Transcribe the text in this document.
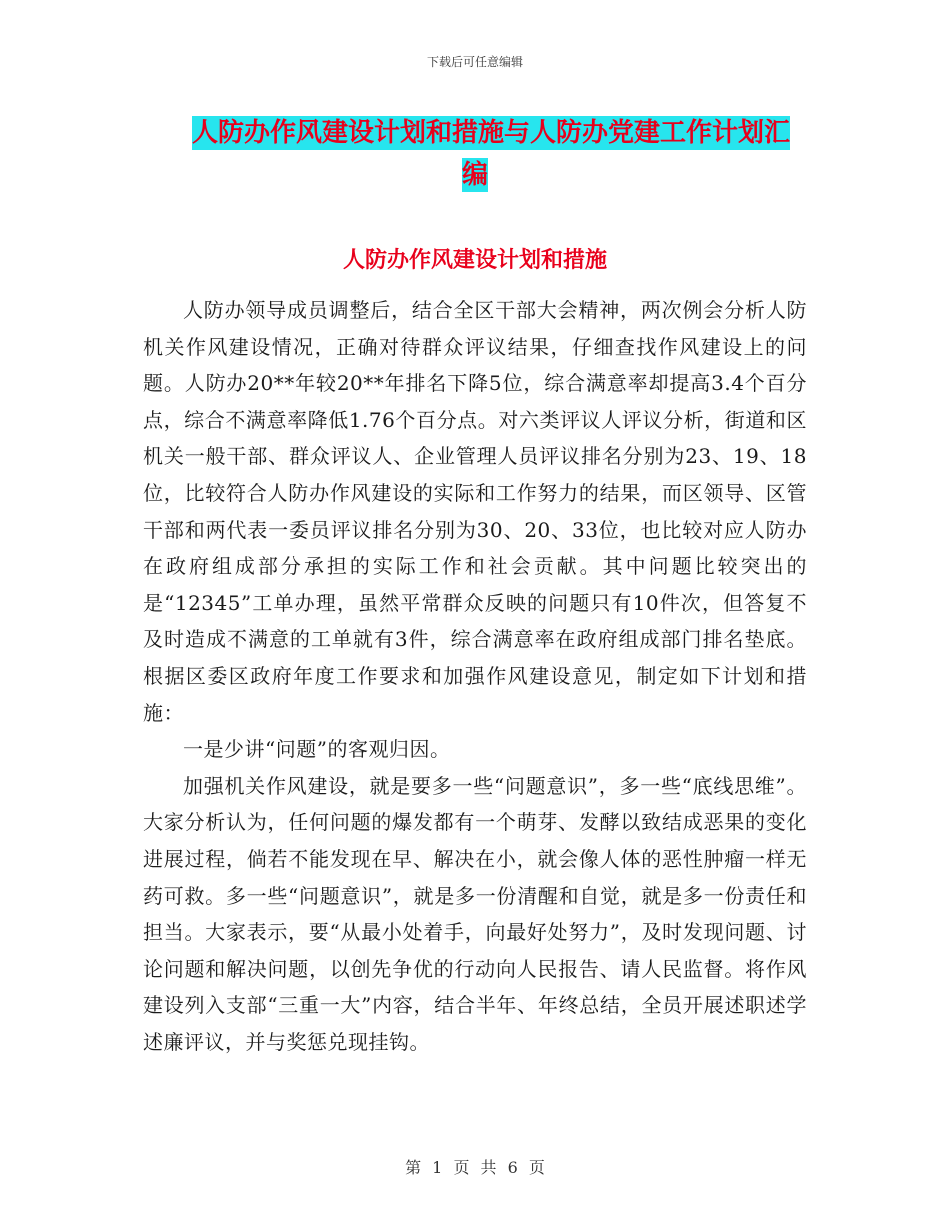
下载后可任意编辑
人防办作风建设计划和措施与人防办党建工作计划汇
编
人防办作风建设计划和措施

人防办领导成员调整后，结合全区干部大会精神，两次例会分析人防机关作风建设情况，正确对待群众评议结果，仔细查找作风建设上的问题。人防办20**年较20**年排名下降5位，综合满意率却提高3.4个百分点，综合不满意率降低1.76个百分点。对六类评议人评议分析，街道和区机关一般干部、群众评议人、企业管理人员评议排名分别为23、19、18位，比较符合人防办作风建设的实际和工作努力的结果，而区领导、区管干部和两代表一委员评议排名分别为30、20、33位，也比较对应人防办在政府组成部分承担的实际工作和社会贡献。其中问题比较突出的是“12345”工单办理，虽然平常群众反映的问题只有10件次，但答复不及时造成不满意的工单就有3件，综合满意率在政府组成部门排名垫底。根据区委区政府年度工作要求和加强作风建设意见，制定如下计划和措施：

一是少讲“问题”的客观归因。

加强机关作风建设，就是要多一些“问题意识”，多一些“底线思维”。大家分析认为，任何问题的爆发都有一个萌芽、发酵以致结成恶果的变化进展过程，倘若不能发现在早、解决在小，就会像人体的恶性肿瘤一样无药可救。多一些“问题意识”，就是多一份清醒和自觉，就是多一份责任和担当。大家表示，要“从最小处着手，向最好处努力”，及时发现问题、讨论问题和解决问题，以创先争优的行动向人民报告、请人民监督。将作风建设列入支部“三重一大”内容，结合半年、年终总结，全员开展述职述学述廉评议，并与奖惩兑现挂钩。

第 1 页 共 6 页
